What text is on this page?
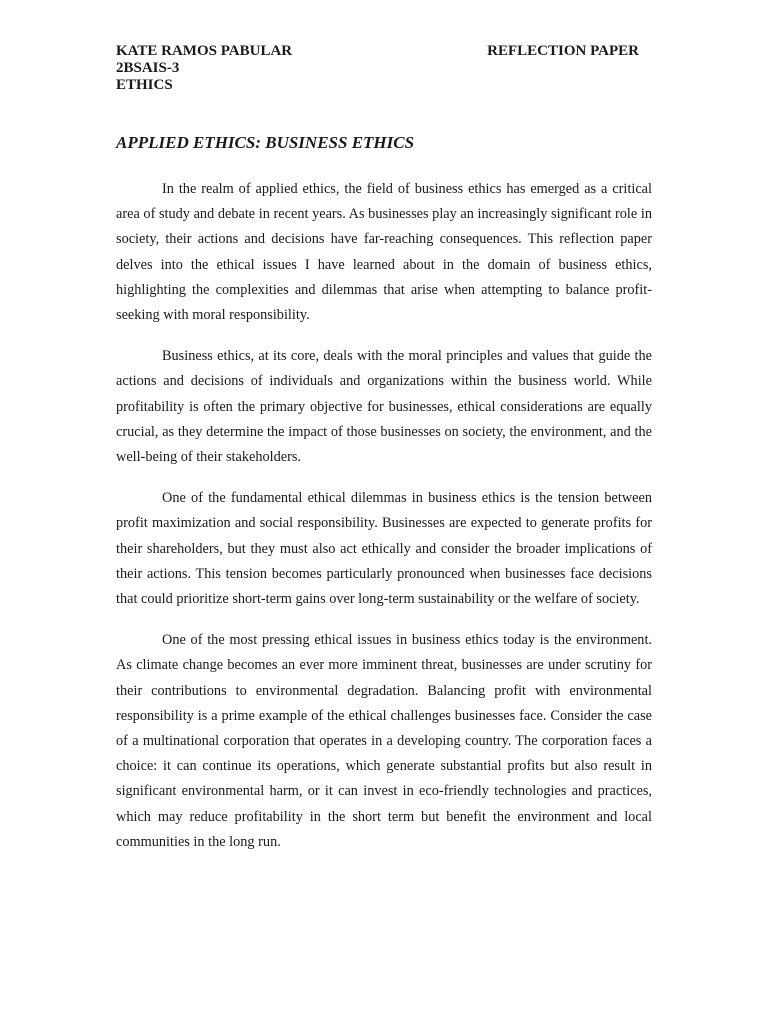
KATE RAMOS PABULAR	REFLECTION PAPER
2BSAIS-3
ETHICS
APPLIED ETHICS: BUSINESS ETHICS

In the realm of applied ethics, the field of business ethics has emerged as a critical area of study and debate in recent years. As businesses play an increasingly significant role in society, their actions and decisions have far-reaching consequences. This reflection paper delves into the ethical issues I have learned about in the domain of business ethics, highlighting the complexities and dilemmas that arise when attempting to balance profit-seeking with moral responsibility.

Business ethics, at its core, deals with the moral principles and values that guide the actions and decisions of individuals and organizations within the business world. While profitability is often the primary objective for businesses, ethical considerations are equally crucial, as they determine the impact of those businesses on society, the environment, and the well-being of their stakeholders.

One of the fundamental ethical dilemmas in business ethics is the tension between profit maximization and social responsibility. Businesses are expected to generate profits for their shareholders, but they must also act ethically and consider the broader implications of their actions. This tension becomes particularly pronounced when businesses face decisions that could prioritize short-term gains over long-term sustainability or the welfare of society.

One of the most pressing ethical issues in business ethics today is the environment. As climate change becomes an ever more imminent threat, businesses are under scrutiny for their contributions to environmental degradation. Balancing profit with environmental responsibility is a prime example of the ethical challenges businesses face. Consider the case of a multinational corporation that operates in a developing country. The corporation faces a choice: it can continue its operations, which generate substantial profits but also result in significant environmental harm, or it can invest in eco-friendly technologies and practices, which may reduce profitability in the short term but benefit the environment and local communities in the long run.
